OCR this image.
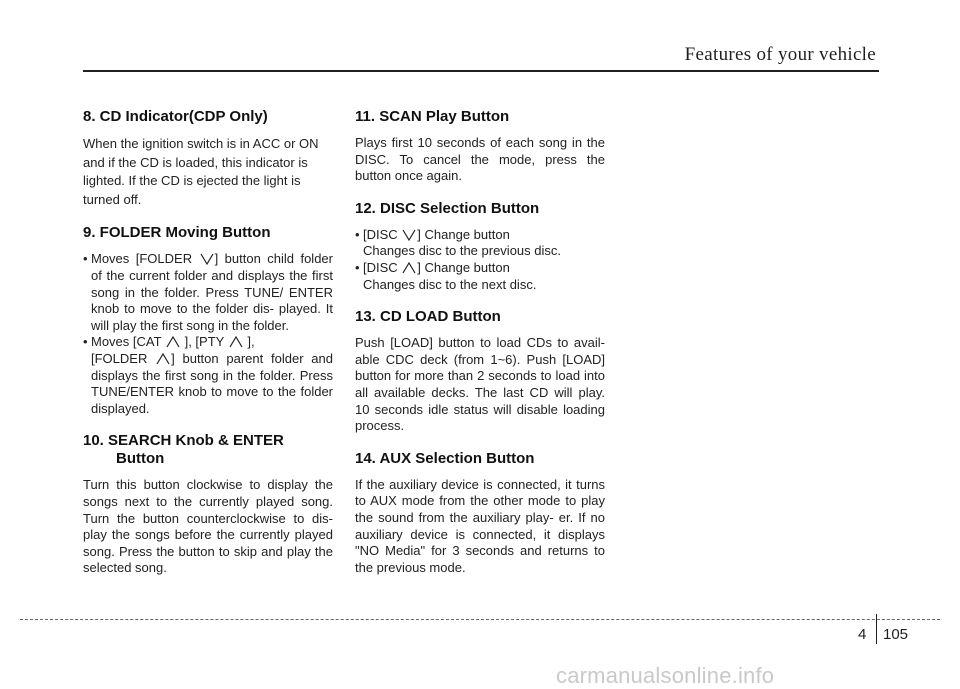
Features of your vehicle
8. CD Indicator(CDP Only)

When the ignition switch is in ACC or ON and if the CD is loaded, this indicator is lighted. If the CD is ejected the light is turned off.

9. FOLDER Moving Button
• Moves [FOLDER ] button child folder of the current folder and displays the first song in the folder. Press TUNE/ ENTER knob to move to the folder dis- played. It will play the first song in the folder.
• Moves [CAT ], [PTY ],
[FOLDER ] button parent folder and displays the first song in the folder. Press TUNE/ENTER knob to move to the folder displayed.
10. SEARCH Knob & ENTER Button

Turn this button clockwise to display the songs next to the currently played song. Turn the button counterclockwise to dis- play the songs before the currently played song. Press the button to skip and play the selected song.

11. SCAN Play Button

Plays first 10 seconds of each song in the DISC. To cancel the mode, press the button once again.

12. DISC Selection Button
• [DISC ] Change button
Changes disc to the previous disc.
• [DISC ] Change button
Changes disc to the next disc.
13. CD LOAD Button

Push [LOAD] button to load CDs to avail- able CDC deck (from 1~6). Push [LOAD] button for more than 2 seconds to load into all available decks. The last CD will play. 10 seconds idle status will disable loading process.

14. AUX Selection Button

If the auxiliary device is connected, it turns to AUX mode from the other mode to play the sound from the auxiliary play- er. If no auxiliary device is connected, it displays "NO Media" for 3 seconds and returns to the previous mode.

4 105
carmanualsonline.info
